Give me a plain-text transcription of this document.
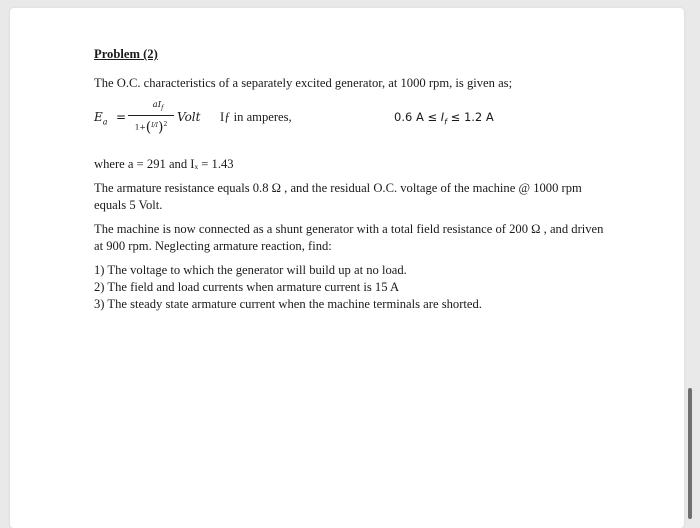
Problem (2)

The O.C. characteristics of a separately excited generator, at 1000 rpm, is given as;

$E_a$ =
$aI_f$
$1+(I/I)^2$
Volt Iƒ in amperes,	0.6 $A \le I_f \le 1.2$ A

where a = 291 and Iₓ = 1.43

The armature resistance equals 0.8 Ω , and the residual O.C. voltage of the machine @ 1000 rpm equals 5 Volt.

The machine is now connected as a shunt generator with a total field resistance of 200 Ω , and driven at 900 rpm. Neglecting armature reaction, find:

1) The voltage to which the generator will build up at no load.
2) The field and load currents when armature current is 15 A
3) The steady state armature current when the machine terminals are shorted.
